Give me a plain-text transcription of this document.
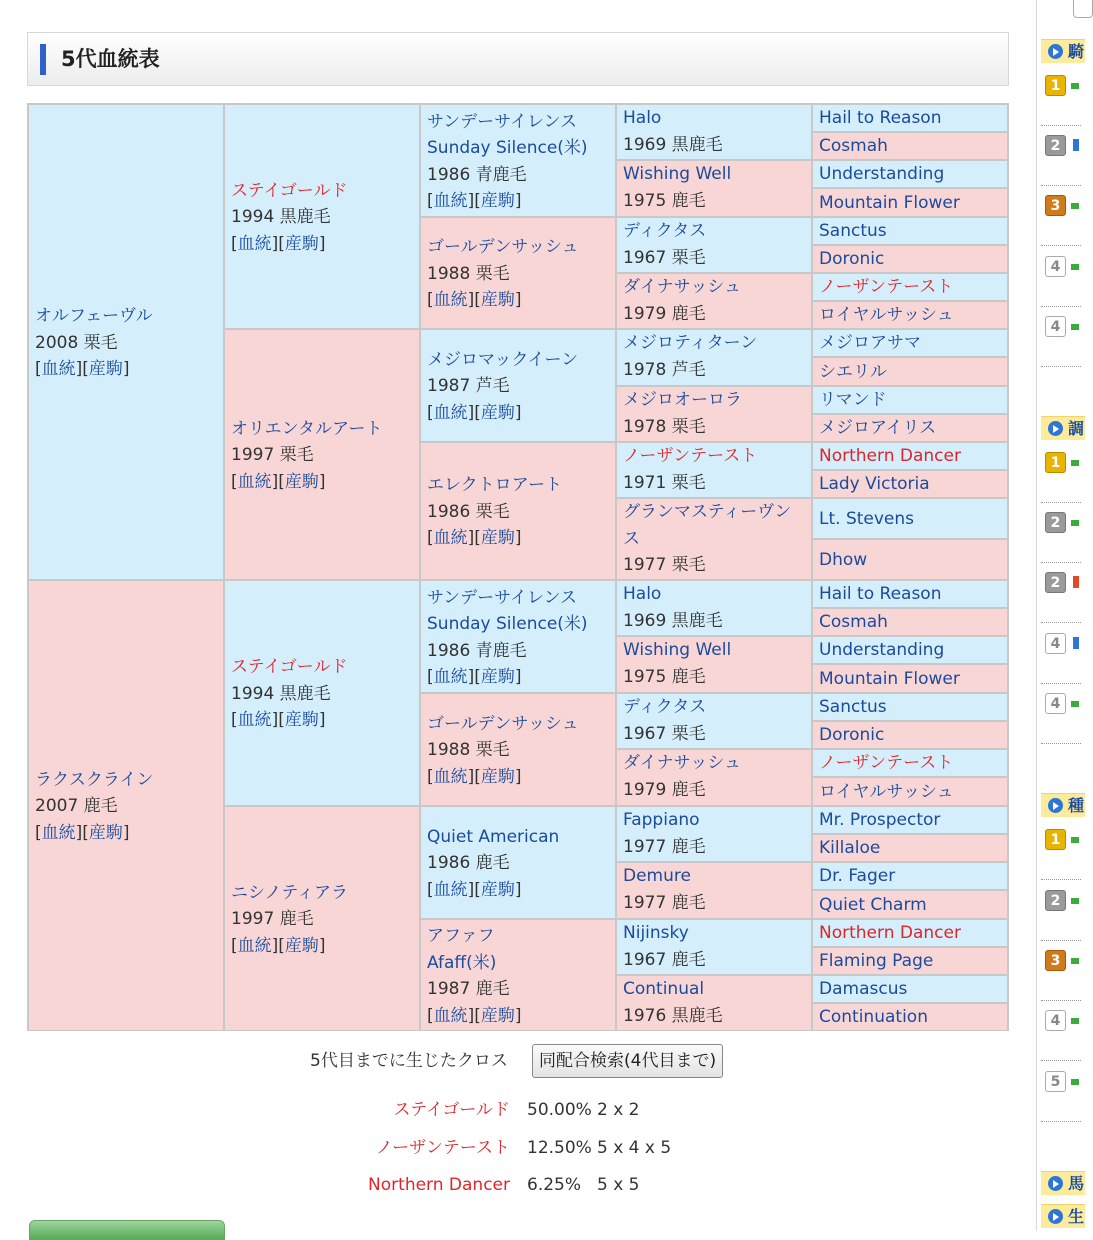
5代血統表
オルフェーヴル
2008 栗毛
[血統][産駒]
ラクスクライン
2007 鹿毛
[血統][産駒]
ステイゴールド
1994 黒鹿毛
[血統][産駒]
オリエンタルアート
1997 栗毛
[血統][産駒]
ステイゴールド
1994 黒鹿毛
[血統][産駒]
ニシノティアラ
1997 鹿毛
[血統][産駒]
サンデーサイレンス
Sunday Silence(米)
1986 青鹿毛
[血統][産駒]
ゴールデンサッシュ
1988 栗毛
[血統][産駒]
メジロマックイーン
1987 芦毛
[血統][産駒]
エレクトロアート
1986 栗毛
[血統][産駒]
サンデーサイレンス
Sunday Silence(米)
1986 青鹿毛
[血統][産駒]
ゴールデンサッシュ
1988 栗毛
[血統][産駒]
Quiet American
1986 鹿毛
[血統][産駒]
アファフ
Afaff(米)
1987 鹿毛
[血統][産駒]
Halo
1969 黒鹿毛
Wishing Well
1975 鹿毛
ディクタス
1967 栗毛
ダイナサッシュ
1979 鹿毛
メジロティターン
1978 芦毛
メジロオーロラ
1978 栗毛
ノーザンテースト
1971 栗毛
グランマスティーヴンス
1977 栗毛
Halo
1969 黒鹿毛
Wishing Well
1975 鹿毛
ディクタス
1967 栗毛
ダイナサッシュ
1979 鹿毛
Fappiano
1977 鹿毛
Demure
1977 鹿毛
Nijinsky
1967 鹿毛
Continual
1976 黒鹿毛
Hail to Reason
Cosmah
Understanding
Mountain Flower
Sanctus
Doronic
ノーザンテースト
ロイヤルサッシュ
メジロアサマ
シエリル
リマンド
メジロアイリス
Northern Dancer
Lady Victoria
Lt. Stevens
Dhow
Hail to Reason
Cosmah
Understanding
Mountain Flower
Sanctus
Doronic
ノーザンテースト
ロイヤルサッシュ
Mr. Prospector
Killaloe
Dr. Fager
Quiet Charm
Northern Dancer
Flaming Page
Damascus
Continuation
5代目までに生じたクロス	同配合検索(4代目まで)
ステイゴールド 50.00% 2 x 2
ノーザンテースト 12.50% 5 x 4 x 5
Northern Dancer 6.25% 5 x 5
騎
調
種
馬
生
1
2
3
4
4
1
2
2
4
4
1
2
3
4
5
